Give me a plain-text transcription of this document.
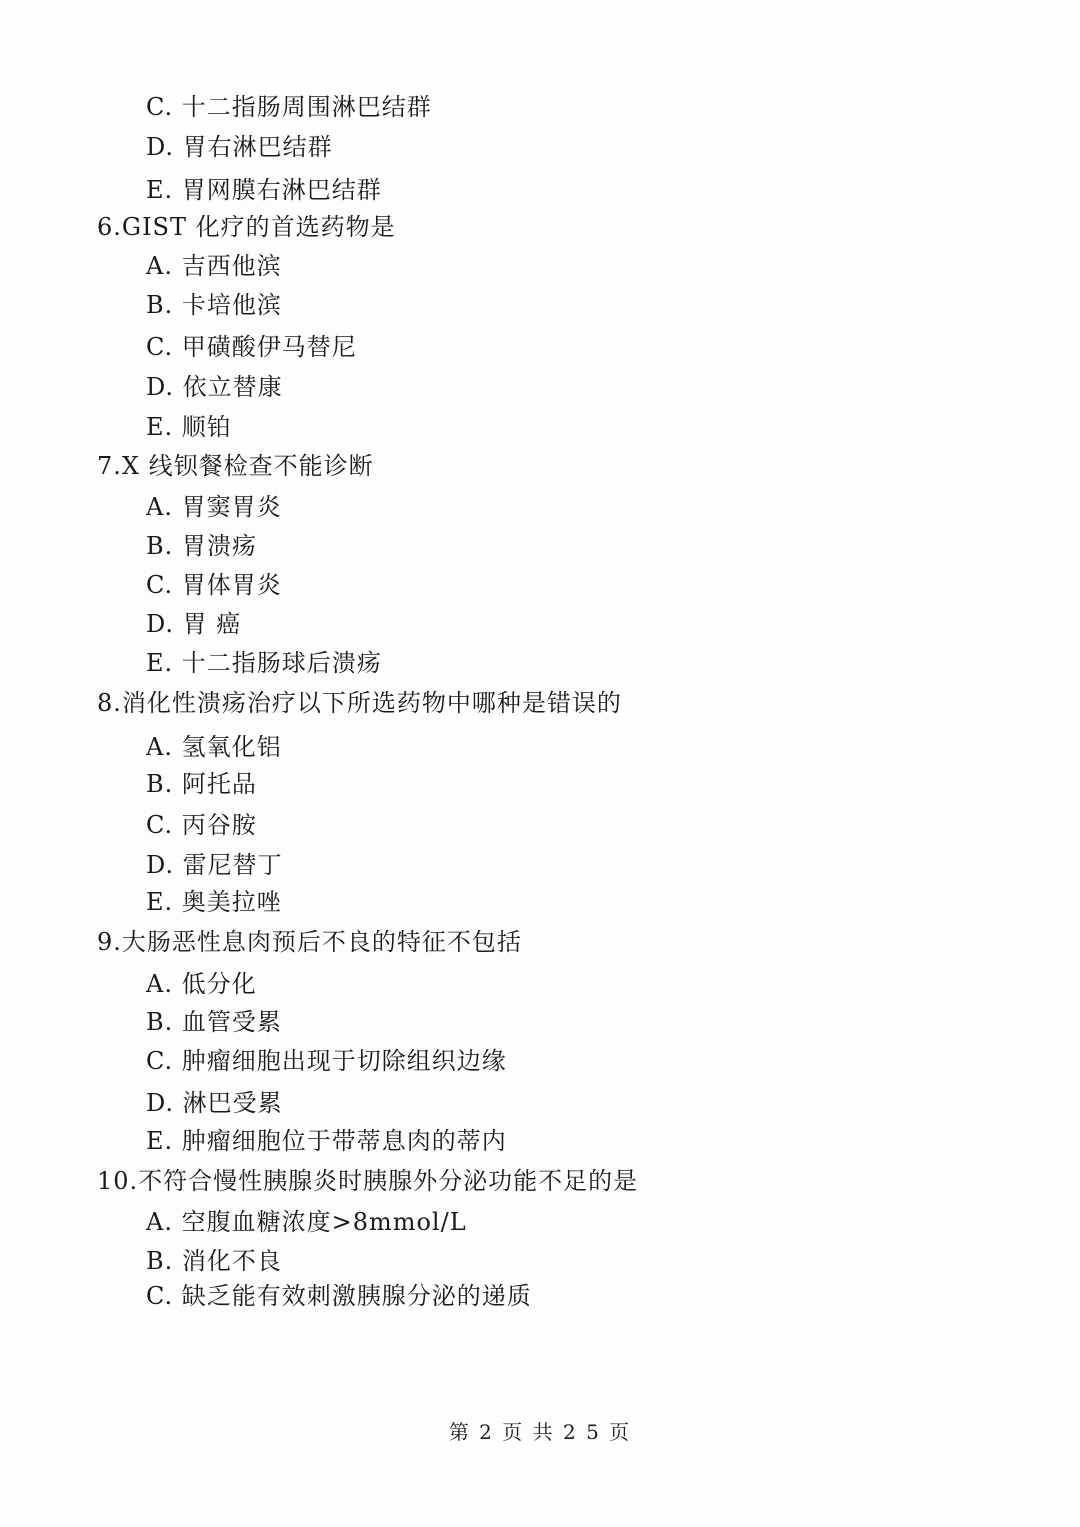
C. 十二指肠周围淋巴结群
D. 胃右淋巴结群
E. 胃网膜右淋巴结群
6.GIST 化疗的首选药物是
A. 吉西他滨
B. 卡培他滨
C. 甲磺酸伊马替尼
D. 依立替康
E. 顺铂
7.X 线钡餐检查不能诊断
A. 胃窦胃炎
B. 胃溃疡
C. 胃体胃炎
D. 胃 癌
E. 十二指肠球后溃疡
8.消化性溃疡治疗以下所选药物中哪种是错误的
A. 氢氧化铝
B. 阿托品
C. 丙谷胺
D. 雷尼替丁
E. 奥美拉唑
9.大肠恶性息肉预后不良的特征不包括
A. 低分化
B. 血管受累
C. 肿瘤细胞出现于切除组织边缘
D. 淋巴受累
E. 肿瘤细胞位于带蒂息肉的蒂内
10.不符合慢性胰腺炎时胰腺外分泌功能不足的是
A. 空腹血糖浓度>8mmol/L
B. 消化不良
C. 缺乏能有效刺激胰腺分泌的递质
第 2 页 共 2 5 页
